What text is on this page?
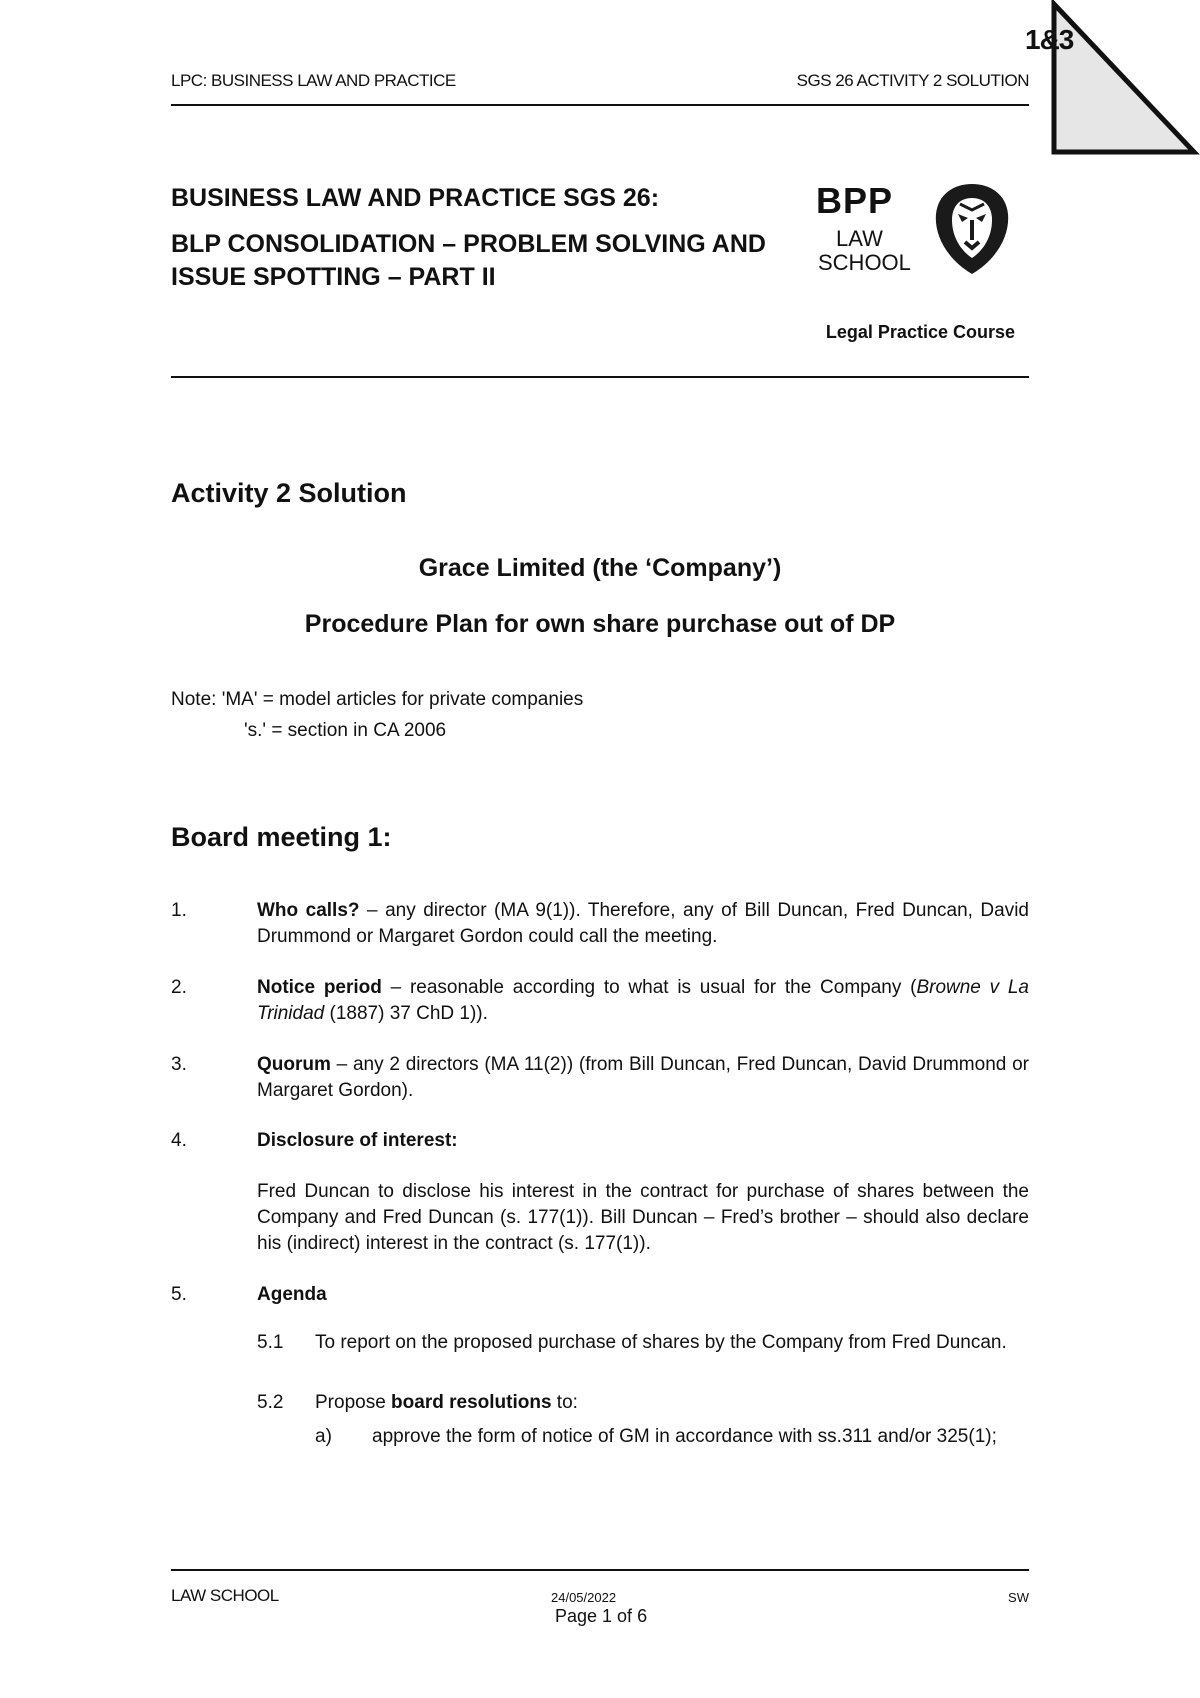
1&3
LPC: BUSINESS LAW AND PRACTICE	SGS 26 ACTIVITY 2 SOLUTION
BUSINESS LAW AND PRACTICE SGS 26:
BLP CONSOLIDATION – PROBLEM SOLVING AND ISSUE SPOTTING – PART II
BPP
LAW
SCHOOL
Legal Practice Course
Activity 2 Solution
Grace Limited (the ‘Company’)
Procedure Plan for own share purchase out of DP
Note: 'MA' = model articles for private companies
's.' = section in CA 2006
Board meeting 1:
1.	Who calls? – any director (MA 9(1)). Therefore, any of Bill Duncan, Fred Duncan, David Drummond or Margaret Gordon could call the meeting.
2.	Notice period – reasonable according to what is usual for the Company (Browne v La Trinidad (1887) 37 ChD 1)).
3.	Quorum – any 2 directors (MA 11(2)) (from Bill Duncan, Fred Duncan, David Drummond or Margaret Gordon).
4.	Disclosure of interest:
Fred Duncan to disclose his interest in the contract for purchase of shares between the Company and Fred Duncan (s. 177(1)). Bill Duncan – Fred’s brother – should also declare his (indirect) interest in the contract (s. 177(1)).
5.	Agenda
5.1 To report on the proposed purchase of shares by the Company from Fred Duncan.
5.2 Propose board resolutions to:
a) approve the form of notice of GM in accordance with ss.311 and/or 325(1);
LAW SCHOOL	24/05/2022
Page 1 of 6
SW
